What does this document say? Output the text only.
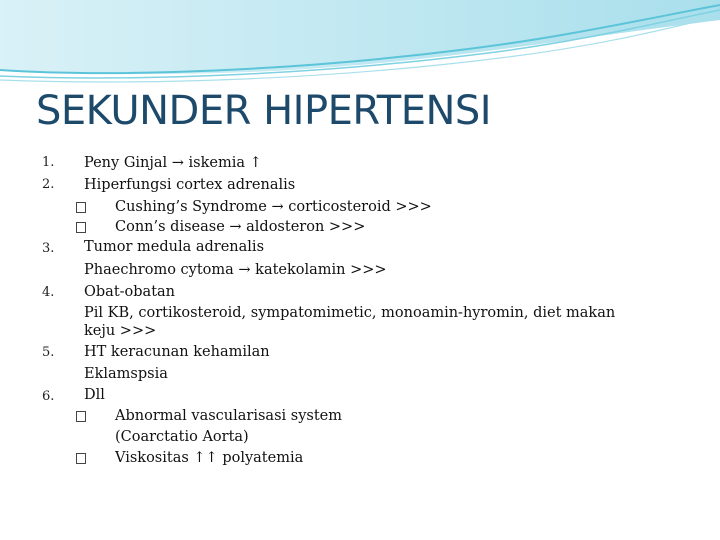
SEKUNDER HIPERTENSI
1. Peny Ginjal → iskemia ↑
2. Hiperfungsi cortex adrenalis
Cushing’s Syndrome → corticosteroid >>>
Conn’s disease → aldosteron >>>
3. Tumor medula adrenalis
Phaechromo cytoma → katekolamin >>>
4. Obat-obatan
Pil KB, cortikosteroid, sympatomimetic, monoamin-hyromin, diet makan
keju >>>
5. HT keracunan kehamilan
Eklamspsia
6. Dll
Abnormal vascularisasi system
(Coarctatio Aorta)
Viskositas ↑↑ polyatemia
